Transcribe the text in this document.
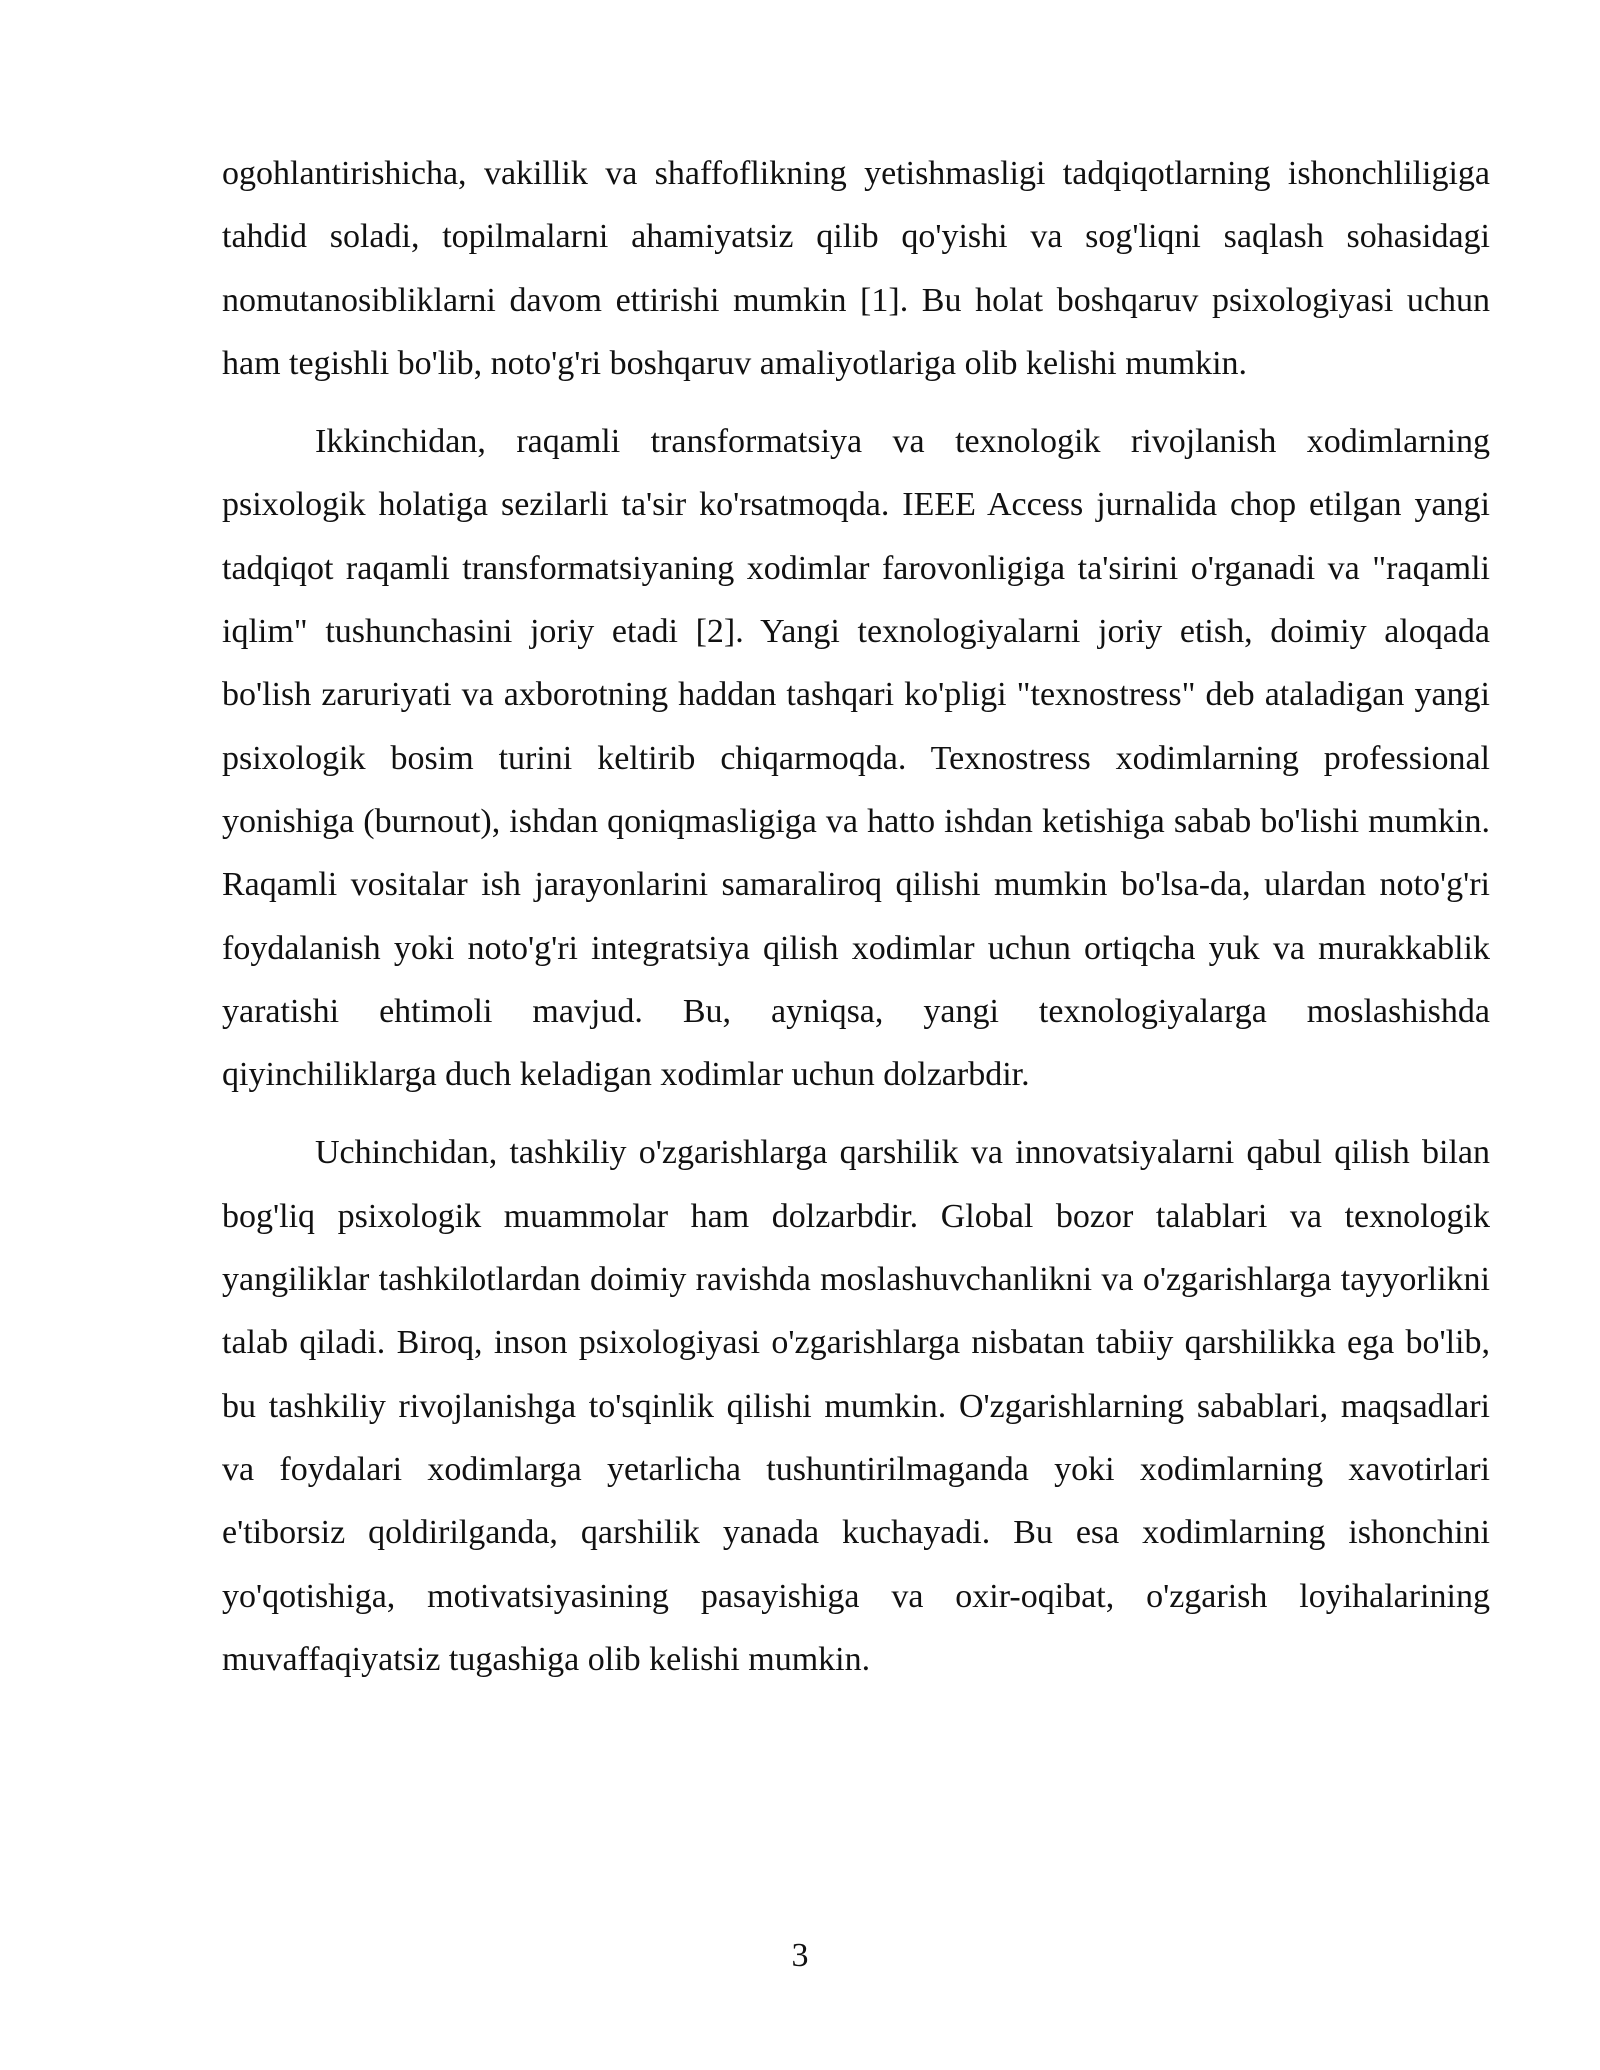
ogohlantirishicha, vakillik va shaffoflikning yetishmasligi tadqiqotlarning ishonchliligiga tahdid soladi, topilmalarni ahamiyatsiz qilib qo'yishi va sog'liqni saqlash sohasidagi nomutanosibliklarni davom ettirishi mumkin [1]. Bu holat boshqaruv psixologiyasi uchun ham tegishli bo'lib, noto'g'ri boshqaruv amaliyotlariga olib kelishi mumkin.

Ikkinchidan, raqamli transformatsiya va texnologik rivojlanish xodimlarning psixologik holatiga sezilarli ta'sir ko'rsatmoqda. IEEE Access jurnalida chop etilgan yangi tadqiqot raqamli transformatsiyaning xodimlar farovonligiga ta'sirini o'rganadi va "raqamli iqlim" tushunchasini joriy etadi [2]. Yangi texnologiyalarni joriy etish, doimiy aloqada bo'lish zaruriyati va axborotning haddan tashqari ko'pligi "texnostress" deb ataladigan yangi psixologik bosim turini keltirib chiqarmoqda. Texnostress xodimlarning professional yonishiga (burnout), ishdan qoniqmasligiga va hatto ishdan ketishiga sabab bo'lishi mumkin. Raqamli vositalar ish jarayonlarini samaraliroq qilishi mumkin bo'lsa-da, ulardan noto'g'ri foydalanish yoki noto'g'ri integratsiya qilish xodimlar uchun ortiqcha yuk va murakkablik yaratishi ehtimoli mavjud. Bu, ayniqsa, yangi texnologiyalarga moslashishda qiyinchiliklarga duch keladigan xodimlar uchun dolzarbdir.

Uchinchidan, tashkiliy o'zgarishlarga qarshilik va innovatsiyalarni qabul qilish bilan bog'liq psixologik muammolar ham dolzarbdir. Global bozor talablari va texnologik yangiliklar tashkilotlardan doimiy ravishda moslashuvchanlikni va o'zgarishlarga tayyorlikni talab qiladi. Biroq, inson psixologiyasi o'zgarishlarga nisbatan tabiiy qarshilikka ega bo'lib, bu tashkiliy rivojlanishga to'sqinlik qilishi mumkin. O'zgarishlarning sabablari, maqsadlari va foydalari xodimlarga yetarlicha tushuntirilmaganda yoki xodimlarning xavotirlari e'tiborsiz qoldirilganda, qarshilik yanada kuchayadi. Bu esa xodimlarning ishonchini yo'qotishiga, motivatsiyasining pasayishiga va oxir-oqibat, o'zgarish loyihalarining muvaffaqiyatsiz tugashiga olib kelishi mumkin.

3
